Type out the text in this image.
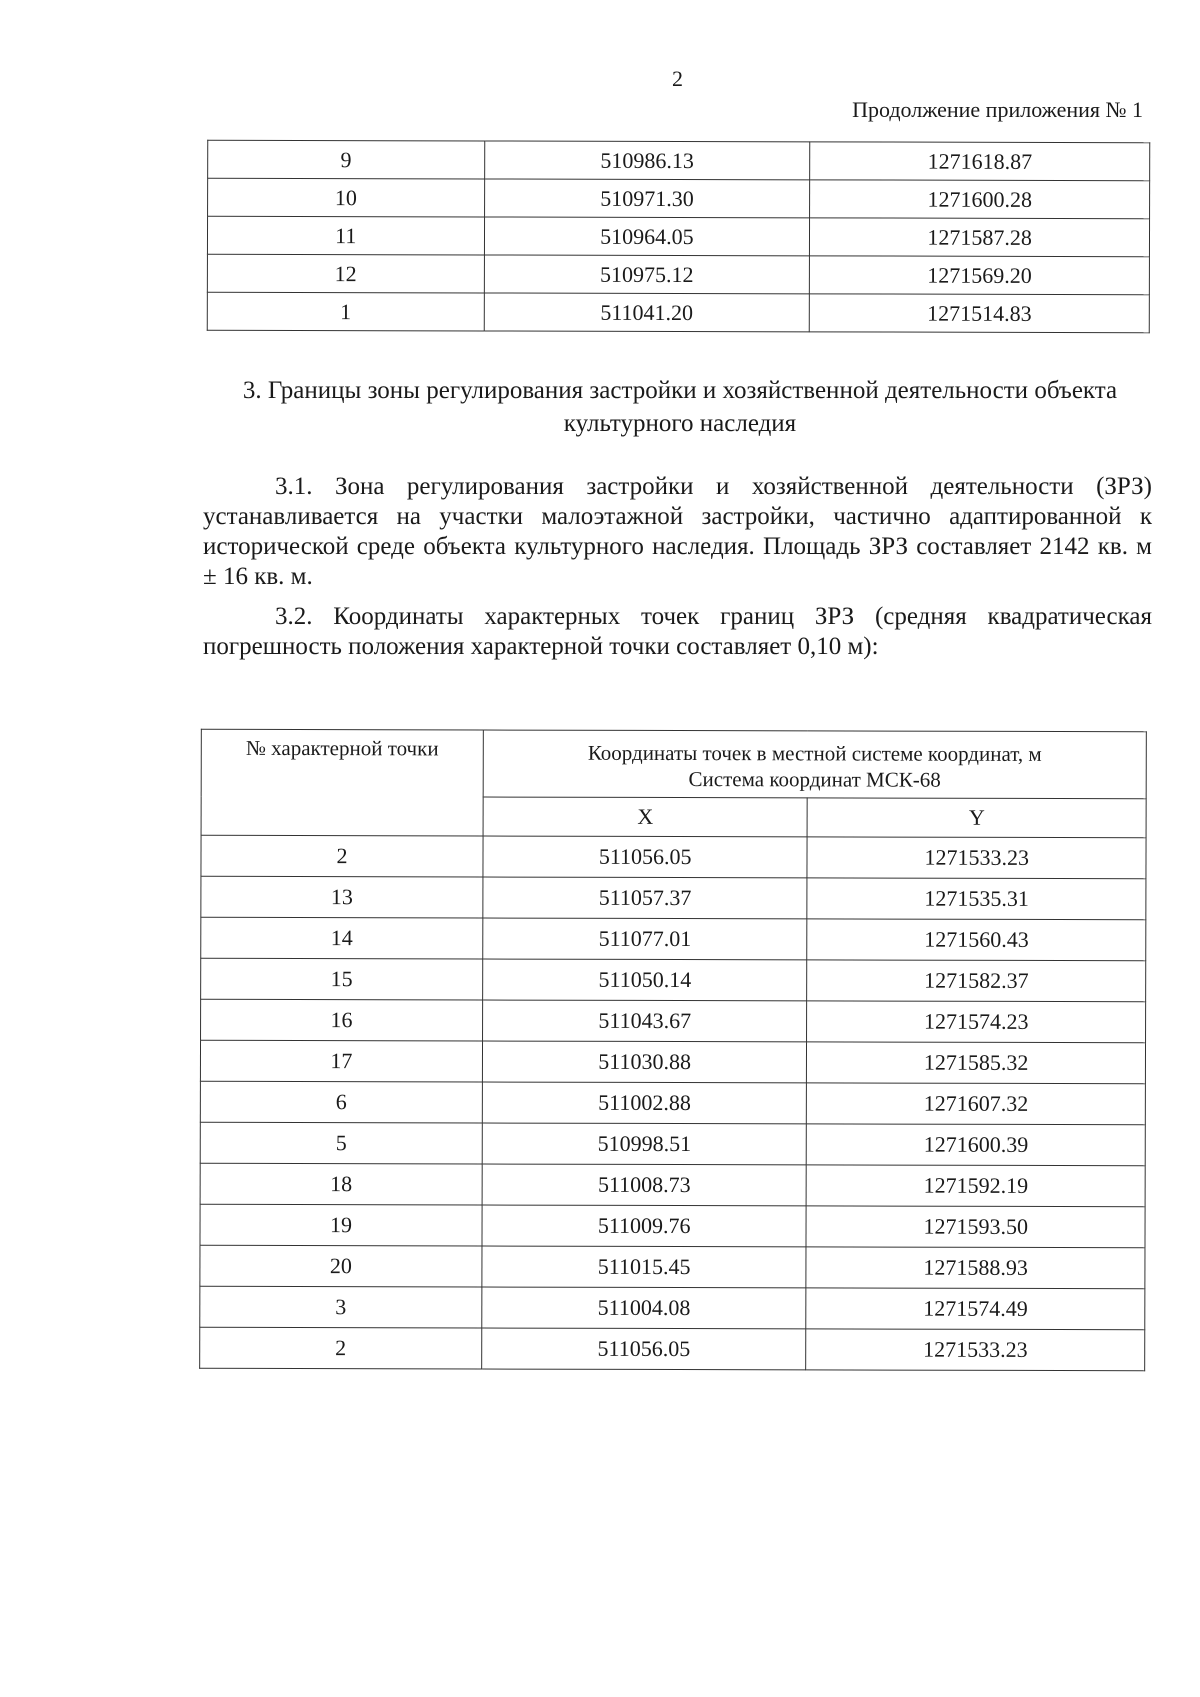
2
Продолжение приложения № 1
9	510986.13	1271618.87
10	510971.30	1271600.28
11	510964.05	1271587.28
12	510975.12	1271569.20
1	511041.20	1271514.83
3. Границы зоны регулирования застройки и хозяйственной деятельности объекта культурного наследия
3.1. Зона регулирования застройки и хозяйственной деятельности (ЗРЗ) устанавливается на участки малоэтажной застройки, частично адаптированной к исторической среде объекта культурного наследия. Площадь ЗРЗ составляет 2142 кв. м ± 16 кв. м.
3.2. Координаты характерных точек границ ЗРЗ (средняя квадратическая погрешность положения характерной точки составляет 0,10 м):
№ характерной точки	Координаты точек в местной системе координат, м
Система координат МСК-68	

	X	Y
2	511056.05	1271533.23
13	511057.37	1271535.31
14	511077.01	1271560.43
15	511050.14	1271582.37
16	511043.67	1271574.23
17	511030.88	1271585.32
6	511002.88	1271607.32
5	510998.51	1271600.39
18	511008.73	1271592.19
19	511009.76	1271593.50
20	511015.45	1271588.93
3	511004.08	1271574.49
2	511056.05	1271533.23
